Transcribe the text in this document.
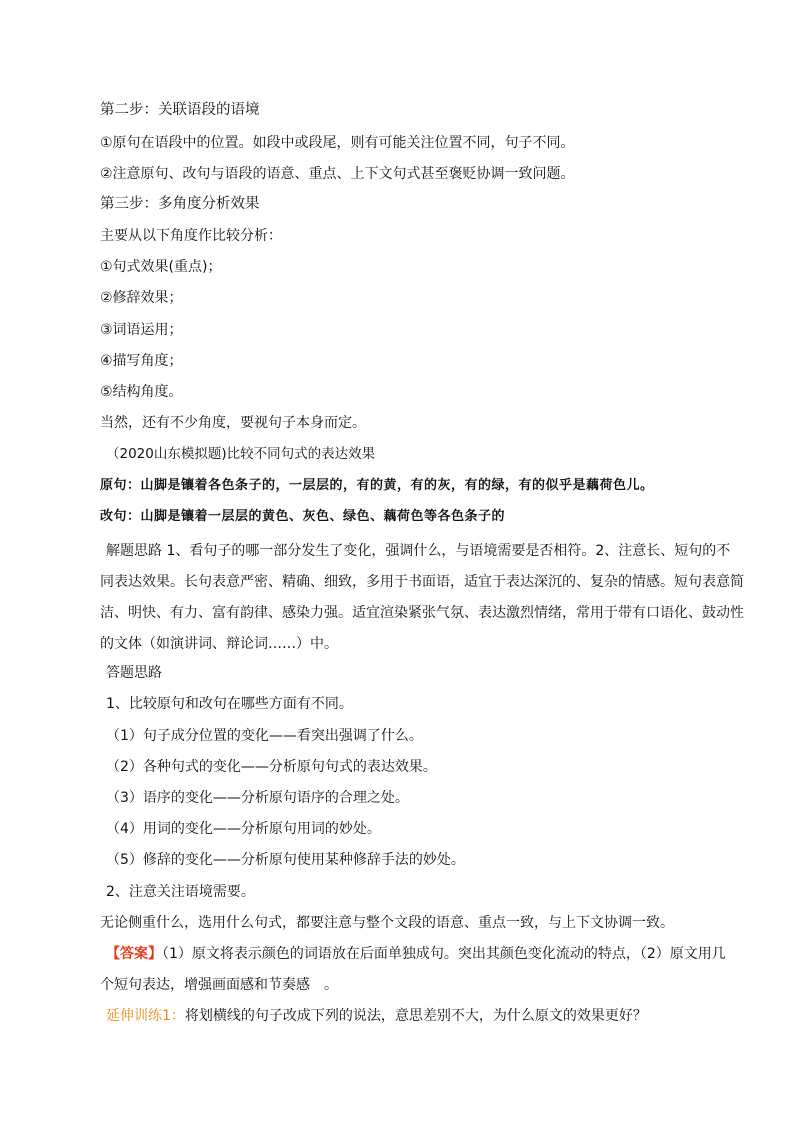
第二步：关联语段的语境
①原句在语段中的位置。如段中或段尾，则有可能关注位置不同，句子不同。
②注意原句、改句与语段的语意、重点、上下文句式甚至褒贬协调一致问题。
第三步：多角度分析效果
主要从以下角度作比较分析：
①句式效果(重点)；
②修辞效果；
③词语运用；
④描写角度；
⑤结构角度。
当然，还有不少角度，要视句子本身而定。
（2020山东模拟题)比较不同句式的表达效果
原句：山脚是镶着各色条子的，一层层的，有的黄，有的灰，有的绿，有的似乎是藕荷色儿。
改句：山脚是镶着一层层的黄色、灰色、绿色、藕荷色等各色条子的
解题思路 1、看句子的哪一部分发生了变化，强调什么，与语境需要是否相符。2、注意长、短句的不
同表达效果。长句表意严密、精确、细致，多用于书面语，适宜于表达深沉的、复杂的情感。短句表意简
洁、明快、有力、富有韵律、感染力强。适宜渲染紧张气氛、表达激烈情绪，常用于带有口语化、鼓动性
的文体（如演讲词、辩论词……）中。
答题思路
1、比较原句和改句在哪些方面有不同。
（1）句子成分位置的变化——看突出强调了什么。
（2）各种句式的变化——分析原句句式的表达效果。
（3）语序的变化——分析原句语序的合理之处。
（4）用词的变化——分析原句用词的妙处。
（5）修辞的变化——分析原句使用某种修辞手法的妙处。
2、注意关注语境需要。
无论侧重什么，选用什么句式，都要注意与整个文段的语意、重点一致，与上下文协调一致。
【答案】（1）原文将表示颜色的词语放在后面单独成句。突出其颜色变化流动的特点，（2）原文用几
个短句表达，增强画面感和节奏感　。
延伸训练1：将划横线的句子改成下列的说法，意思差别不大，为什么原文的效果更好？
